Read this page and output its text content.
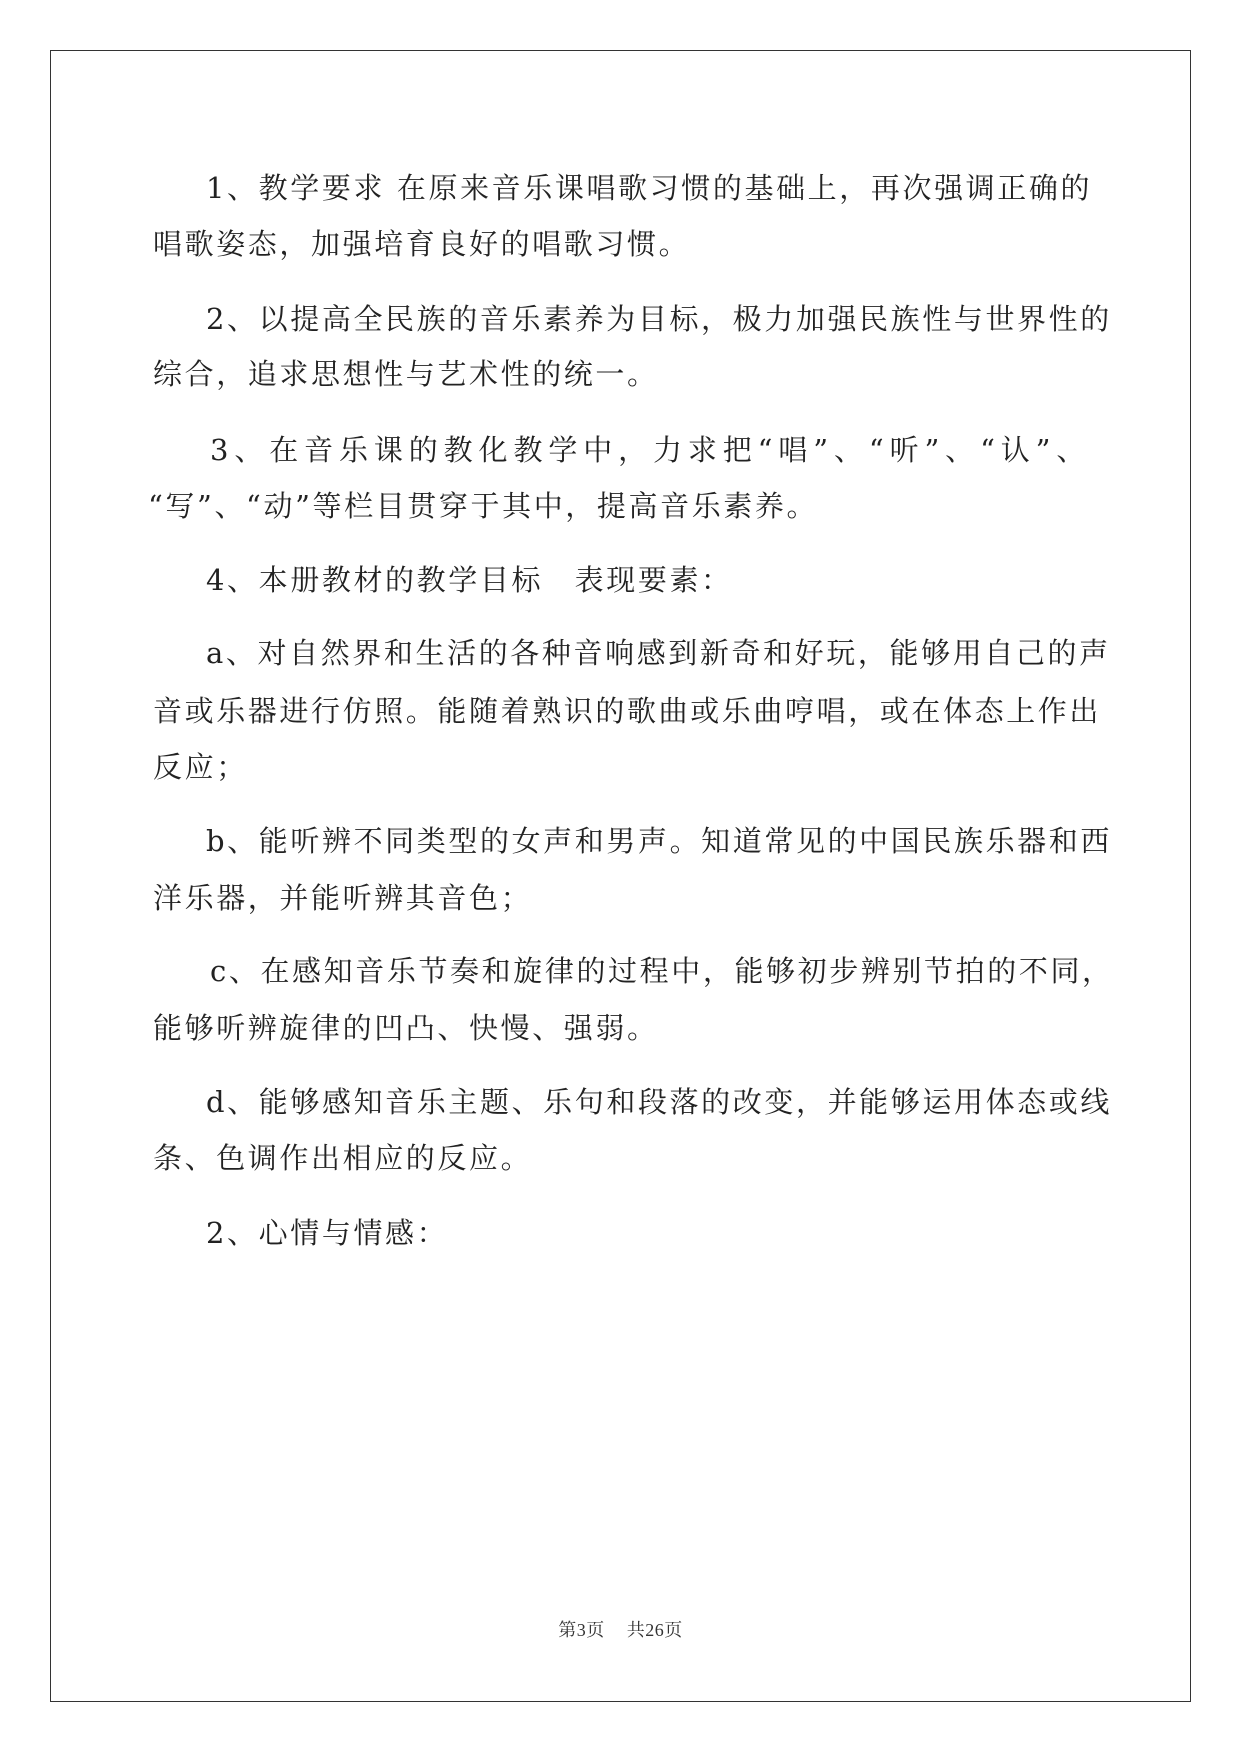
1、教学要求 在原来音乐课唱歌习惯的基础上，再次强调正确的
唱歌姿态，加强培育良好的唱歌习惯。
2、以提高全民族的音乐素养为目标，极力加强民族性与世界性的
综合，追求思想性与艺术性的统一。
3、在音乐课的教化教学中，力求把“唱”、“听”、“认”、
“写”、“动”等栏目贯穿于其中，提高音乐素养。
4、本册教材的教学目标　表现要素：
a、对自然界和生活的各种音响感到新奇和好玩，能够用自己的声
音或乐器进行仿照。能随着熟识的歌曲或乐曲哼唱，或在体态上作出
反应；
b、能听辨不同类型的女声和男声。知道常见的中国民族乐器和西
洋乐器，并能听辨其音色；
c、在感知音乐节奏和旋律的过程中，能够初步辨别节拍的不同，
能够听辨旋律的凹凸、快慢、强弱。
d、能够感知音乐主题、乐句和段落的改变，并能够运用体态或线
条、色调作出相应的反应。
2、心情与情感：
第3页 共26页
